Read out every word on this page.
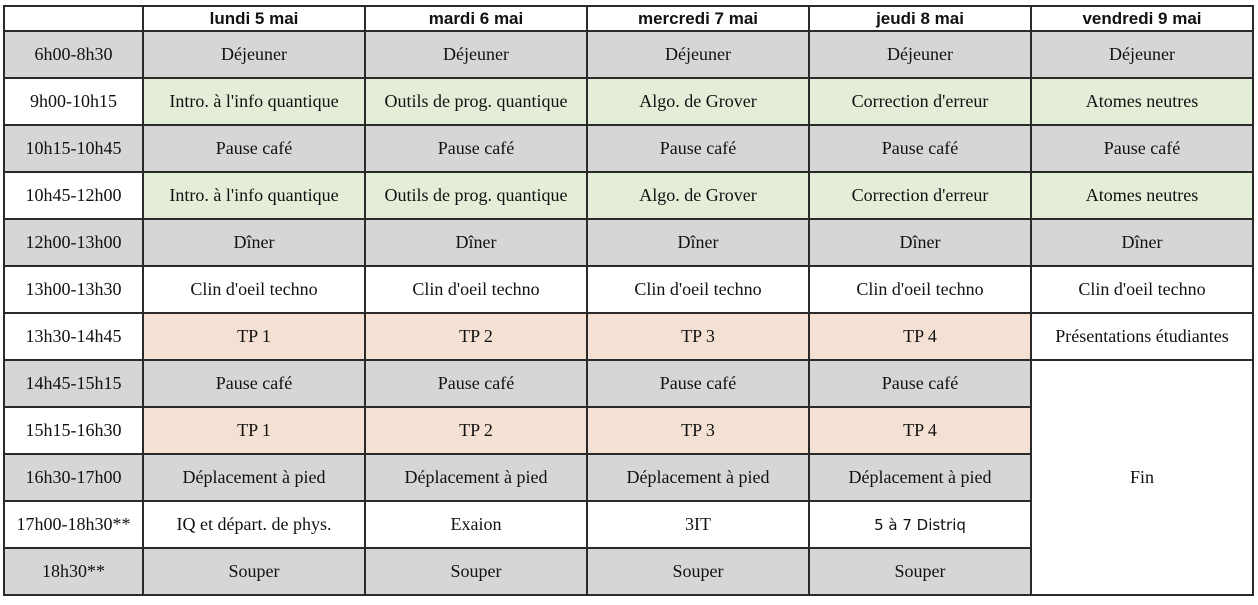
	lundi 5 mai	mardi 6 mai	mercredi 7 mai	jeudi 8 mai	vendredi 9 mai
6h00-8h30	Déjeuner	Déjeuner	Déjeuner	Déjeuner	Déjeuner
9h00-10h15	Intro. à l'info quantique	Outils de prog. quantique	Algo. de Grover	Correction d'erreur	Atomes neutres
10h15-10h45	Pause café	Pause café	Pause café	Pause café	Pause café
10h45-12h00	Intro. à l'info quantique	Outils de prog. quantique	Algo. de Grover	Correction d'erreur	Atomes neutres
12h00-13h00	Dîner	Dîner	Dîner	Dîner	Dîner
13h00-13h30	Clin d'oeil techno	Clin d'oeil techno	Clin d'oeil techno	Clin d'oeil techno	Clin d'oeil techno
13h30-14h45	TP 1	TP 2	TP 3	TP 4	Présentations étudiantes
14h45-15h15	Pause café	Pause café	Pause café	Pause café	Fin
15h15-16h30	TP 1	TP 2	TP 3	TP 4	
16h30-17h00	Déplacement à pied	Déplacement à pied	Déplacement à pied	Déplacement à pied	
17h00-18h30**	IQ et départ. de phys.	Exaion	3IT	5 à 7 Distriq	
18h30**	Souper	Souper	Souper	Souper	
